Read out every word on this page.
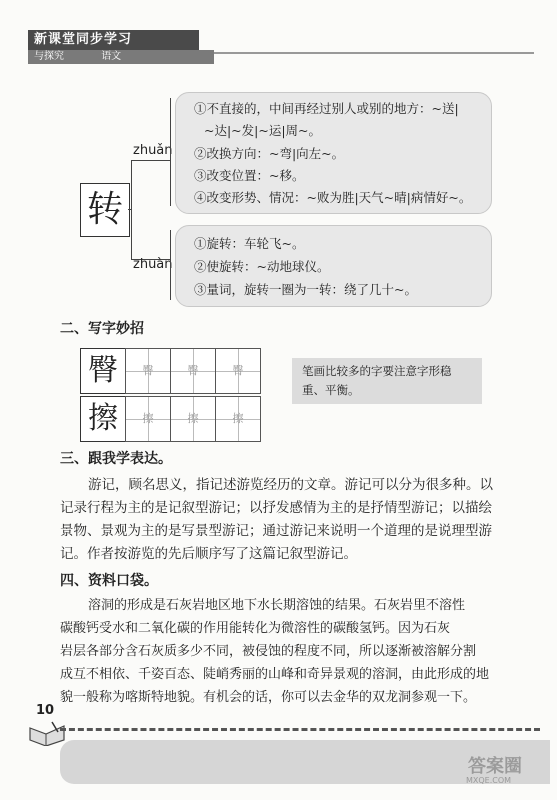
新课堂同步学习
与探究	语文
转
zhuǎn
zhuàn
①不直接的，中间再经过别人或别的地方：~送|
~达|~发|~运|周~。
②改换方向：~弯|向左~。
③改变位置：~移。
④改变形势、情况：~败为胜|天气~晴|病情好~。
①旋转：车轮飞~。
②使旋转：~动地球仪。
③量词，旋转一圈为一转：绕了几十~。
二、写字妙招
臀	臀	臀	臀
擦	擦	擦	擦
笔画比较多的字要注意字形稳重、平衡。
三、跟我学表达。
游记，顾名思义，指记述游览经历的文章。游记可以分为很多种。以
记录行程为主的是记叙型游记；以抒发感情为主的是抒情型游记；以描绘
景物、景观为主的是写景型游记；通过游记来说明一个道理的是说理型游
记。作者按游览的先后顺序写了这篇记叙型游记。
四、资料口袋。
溶洞的形成是石灰岩地区地下水长期溶蚀的结果。石灰岩里不溶性
碳酸钙受水和二氧化碳的作用能转化为微溶性的碳酸氢钙。因为石灰
岩层各部分含石灰质多少不同，被侵蚀的程度不同，所以逐渐被溶解分割
成互不相依、千姿百态、陡峭秀丽的山峰和奇异景观的溶洞，由此形成的地
貌一般称为喀斯特地貌。有机会的话，你可以去金华的双龙洞参观一下。
10
答案圈
MXQE.COM
